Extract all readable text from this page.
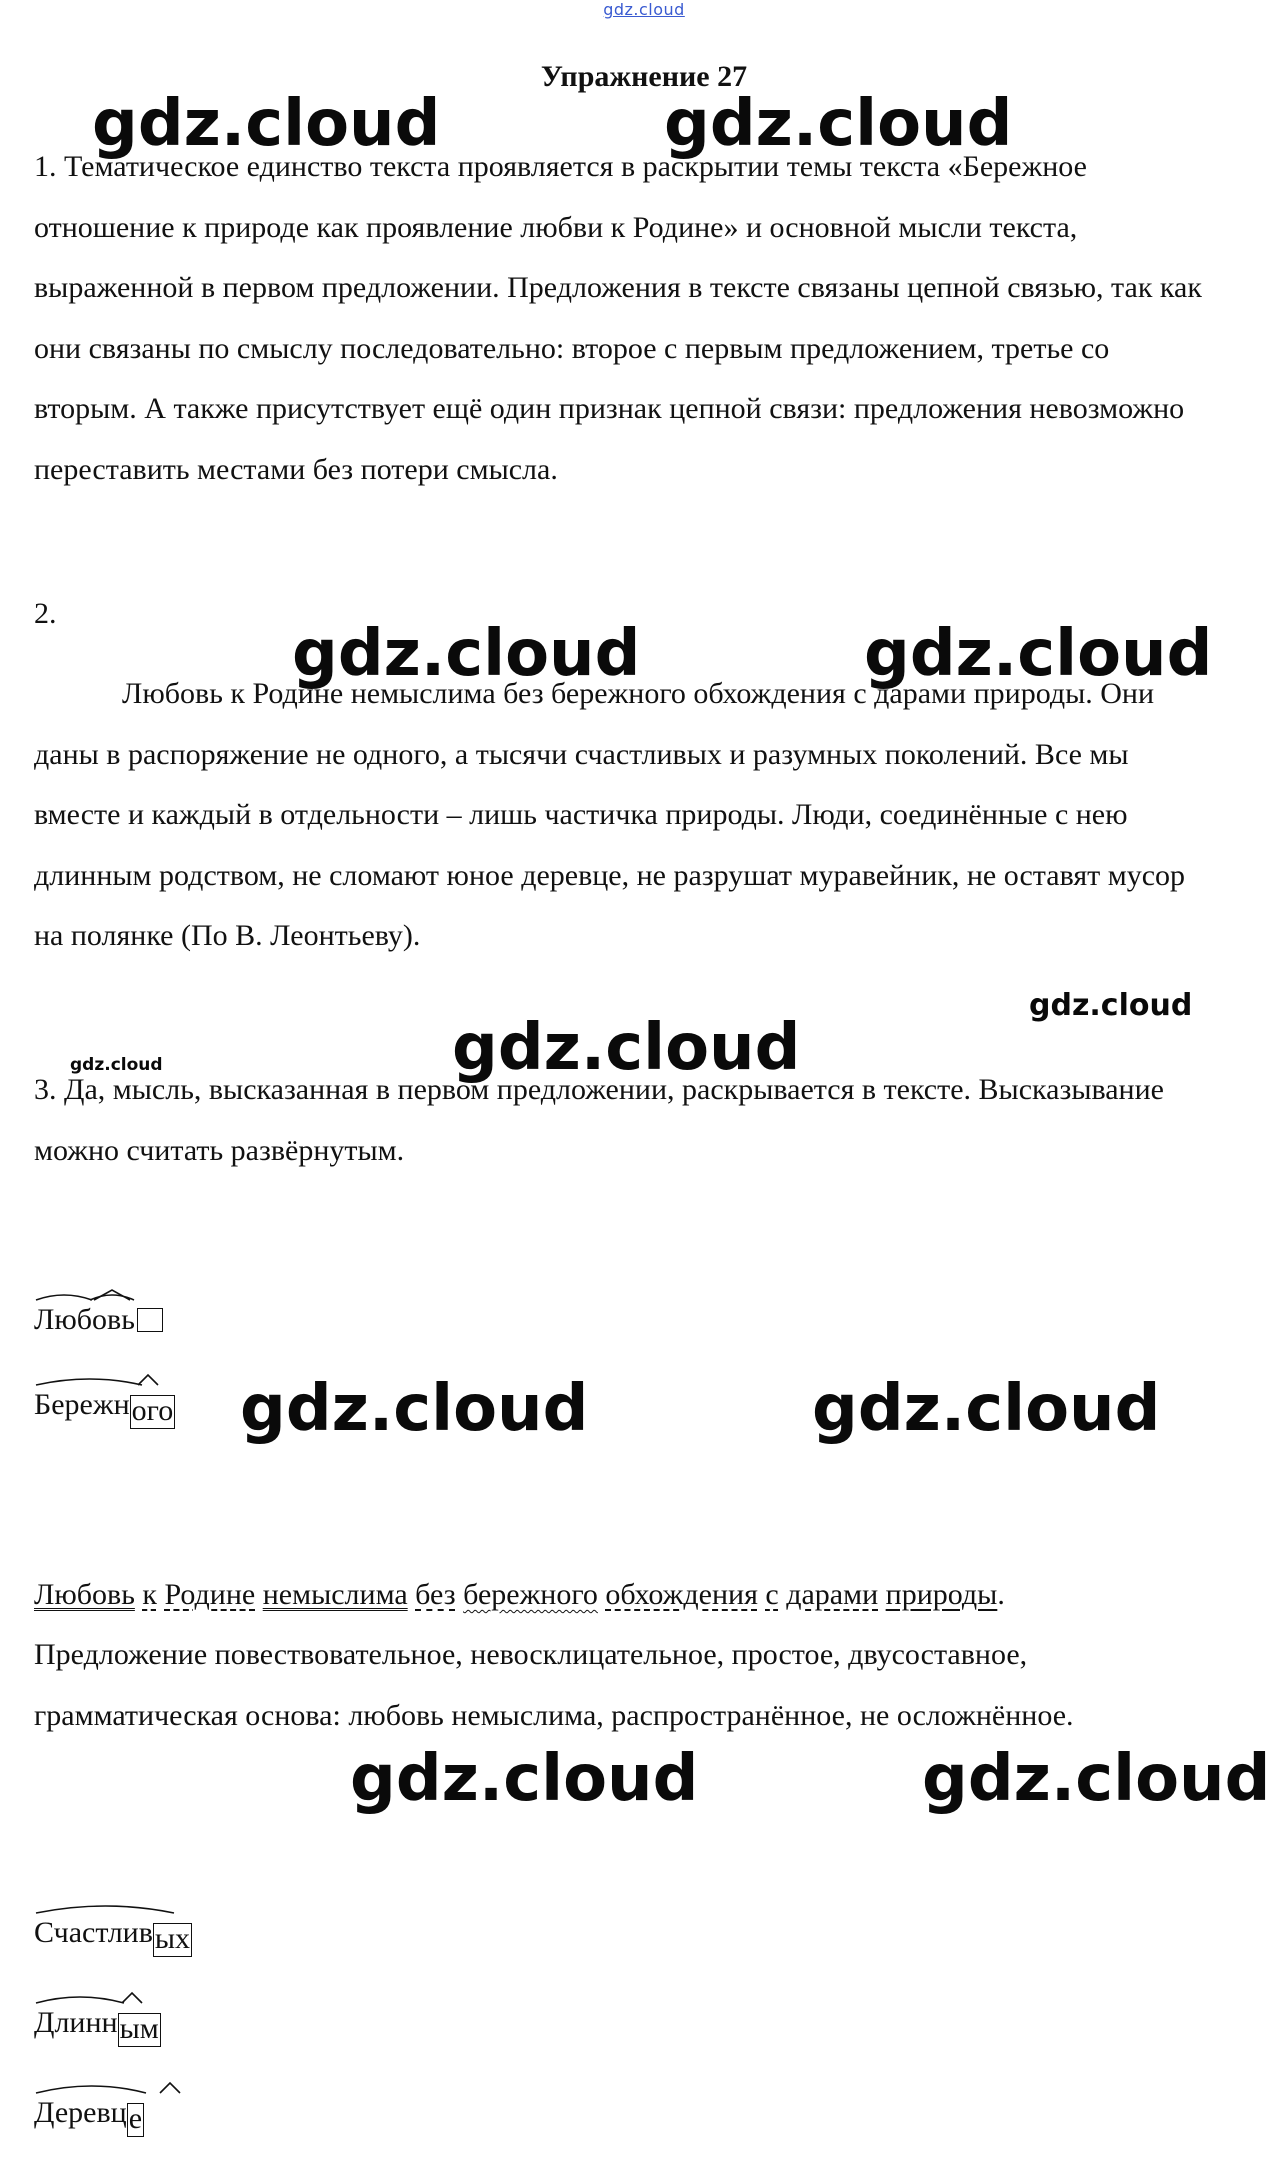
gdz.cloud
Упражнение 27
gdz.cloud	gdz.cloud
gdz.cloud	gdz.cloud
gdz.cloud
gdz.cloud	gdz.cloud
gdz.cloud	gdz.cloud
gdz.cloud	gdz.cloud

1. Тематическое единство текста проявляется в раскрытии темы текста «Бережное отношение к природе как проявление любви к Родине» и основной мысли текста, выраженной в первом предложении. Предложения в тексте связаны цепной связью, так как они связаны по смыслу последовательно: второе с первым предложением, третье со вторым. А также присутствует ещё один признак цепной связи: предложения невозможно переставить местами без потери смысла.

2.

Любовь к Родине немыслима без бережного обхождения с дарами природы. Они даны в распоряжение не одного, а тысячи счастливых и разумных поколений. Все мы вместе и каждый в отдельности – лишь частичка природы. Люди, соединённые с нею длинным родством, не сломают юное деревце, не разрушат муравейник, не оставят мусор на полянке (По В. Леонтьеву).

3. Да, мысль, высказанная в первом предложении, раскрывается в тексте. Высказывание можно считать развёрнутым.

Любовь
Бережного
Любовь к Родине немыслима без бережного обхождения с дарами природы.

Предложение повествовательное, невосклицательное, простое, двусоставное, грамматическая основа: любовь немыслима, распространённое, не осложнённое.

Счастливых
Длинным
Деревце
